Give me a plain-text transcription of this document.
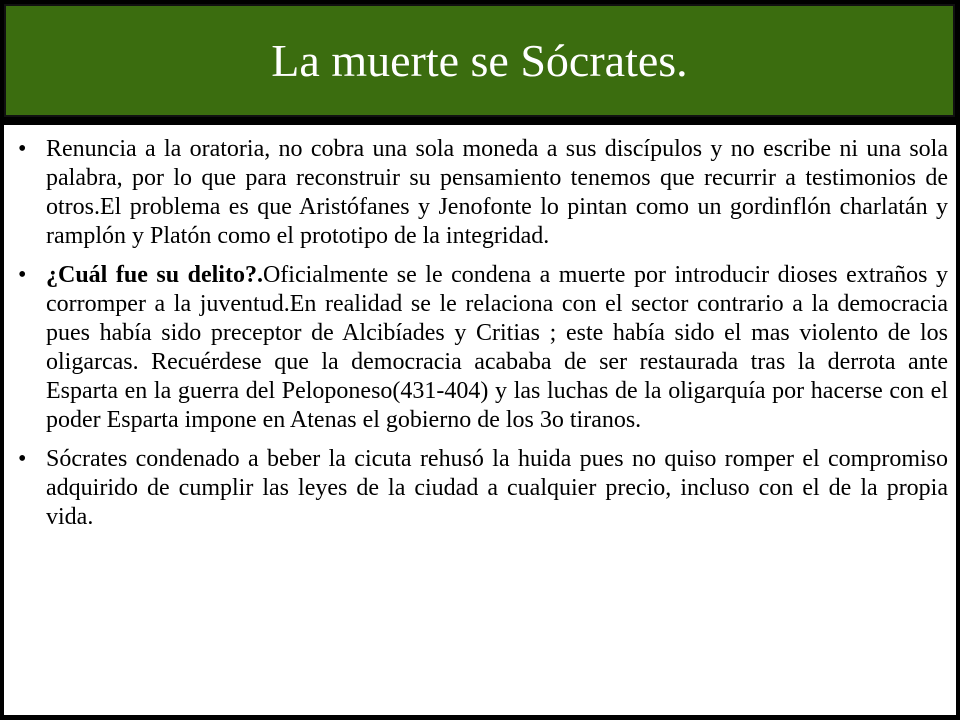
La muerte se Sócrates.
• Renuncia a la oratoria, no cobra una sola moneda a sus discípulos y no escribe ni una sola palabra, por lo que para reconstruir su pensamiento tenemos que recurrir a testimonios de otros.El problema es que Aristófanes y Jenofonte lo pintan como un gordinflón charlatán y ramplón y Platón como el prototipo de la integridad.
• ¿Cuál fue su delito?.Oficialmente se le condena a muerte por introducir dioses extraños y corromper a la juventud.En realidad se le relaciona con el sector contrario a la democracia pues había sido preceptor de Alcibíades y Critias ; este había sido el mas violento de los oligarcas. Recuérdese que la democracia acababa de ser restaurada tras la derrota ante Esparta en la guerra del Peloponeso(431-404) y las luchas de la oligarquía por hacerse con el poder Esparta impone en Atenas el gobierno de los 3o tiranos.
• Sócrates condenado a beber la cicuta rehusó la huida pues no quiso romper el compromiso adquirido de cumplir las leyes de la ciudad a cualquier precio, incluso con el de la propia vida.
